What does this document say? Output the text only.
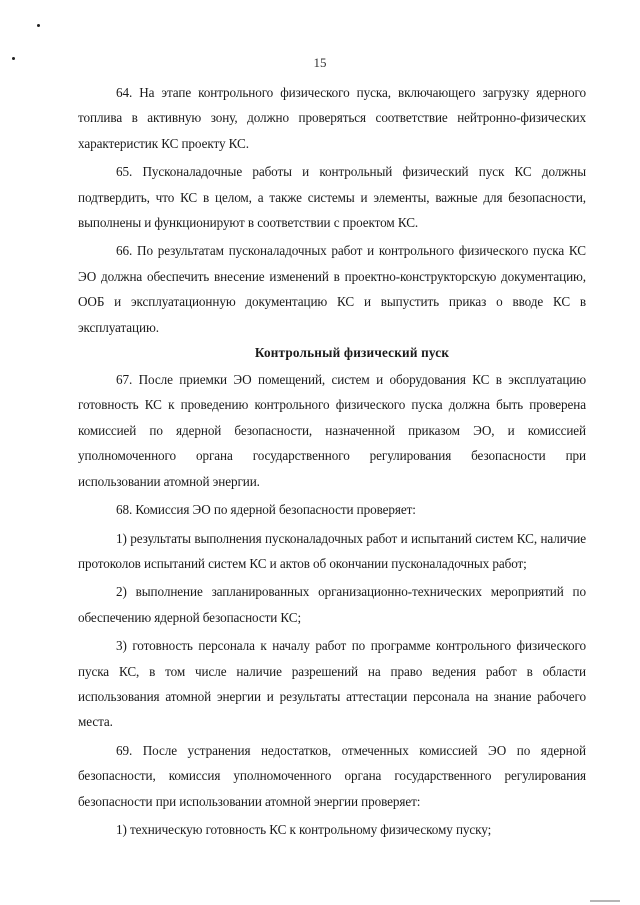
15

64. На этапе контрольного физического пуска, включающего загрузку ядерного топлива в активную зону, должно проверяться соответствие нейтронно-физических характеристик КС проекту КС.

65. Пусконаладочные работы и контрольный физический пуск КС должны подтвердить, что КС в целом, а также системы и элементы, важные для безопасности, выполнены и функционируют в соответствии с проектом КС.

66. По результатам пусконаладочных работ и контрольного физического пуска КС ЭО должна обеспечить внесение изменений в проектно-конструкторскую документацию, ООБ и эксплуатационную документацию КС и выпустить приказ о вводе КС в эксплуатацию.

Контрольный физический пуск

67. После приемки ЭО помещений, систем и оборудования КС в эксплуатацию готовность КС к проведению контрольного физического пуска должна быть проверена комиссией по ядерной безопасности, назначенной приказом ЭО, и комиссией уполномоченного органа государственного регулирования безопасности при использовании атомной энергии.

68. Комиссия ЭО по ядерной безопасности проверяет:

1) результаты выполнения пусконаладочных работ и испытаний систем КС, наличие протоколов испытаний систем КС и актов об окончании пусконаладочных работ;

2) выполнение запланированных организационно-технических мероприятий по обеспечению ядерной безопасности КС;

3) готовность персонала к началу работ по программе контрольного физического пуска КС, в том числе наличие разрешений на право ведения работ в области использования атомной энергии и результаты аттестации персонала на знание рабочего места.

69. После устранения недостатков, отмеченных комиссией ЭО по ядерной безопасности, комиссия уполномоченного органа государственного регулирования безопасности при использовании атомной энергии проверяет:

1) техническую готовность КС к контрольному физическому пуску;
